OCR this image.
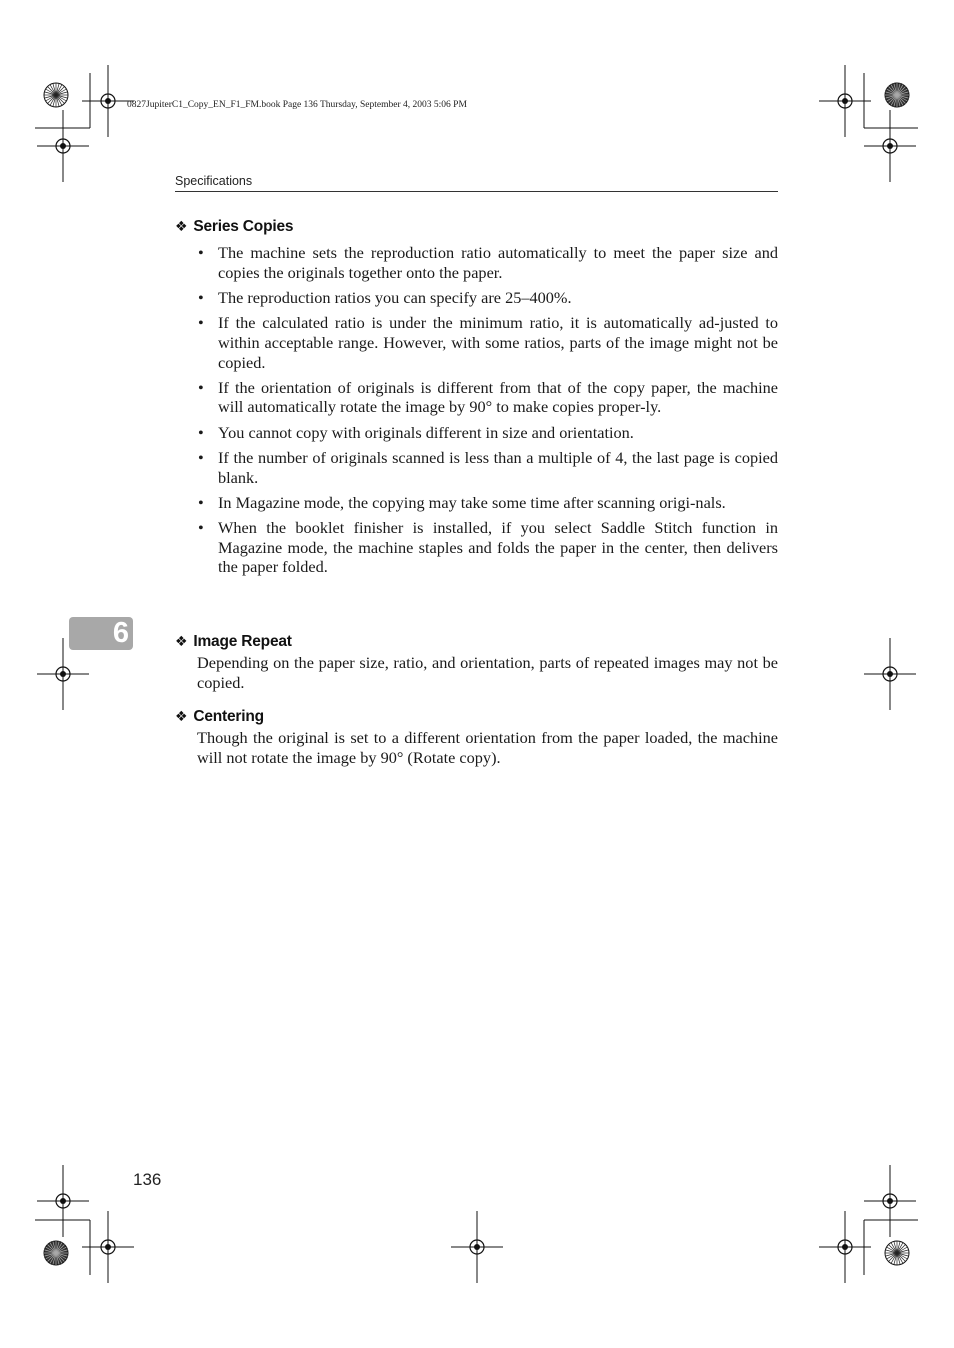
0827JupiterC1_Copy_EN_F1_FM.book Page 136 Thursday, September 4, 2003 5:06 PM
Specifications
6
❖ Series Copies
• The machine sets the reproduction ratio automatically to meet the paper size and copies the originals together onto the paper.
• The reproduction ratios you can specify are 25–400%.
• If the calculated ratio is under the minimum ratio, it is automatically ad-justed to within acceptable range. However, with some ratios, parts of the image might not be copied.
• If the orientation of originals is different from that of the copy paper, the machine will automatically rotate the image by 90° to make copies proper-ly.
• You cannot copy with originals different in size and orientation.
• If the number of originals scanned is less than a multiple of 4, the last page is copied blank.
• In Magazine mode, the copying may take some time after scanning origi-nals.
• When the booklet finisher is installed, if you select Saddle Stitch function in Magazine mode, the machine staples and folds the paper in the center, then delivers the paper folded.
❖ Image Repeat

Depending on the paper size, ratio, and orientation, parts of repeated images may not be copied.

❖ Centering

Though the original is set to a different orientation from the paper loaded, the machine will not rotate the image by 90° (Rotate copy).

136
